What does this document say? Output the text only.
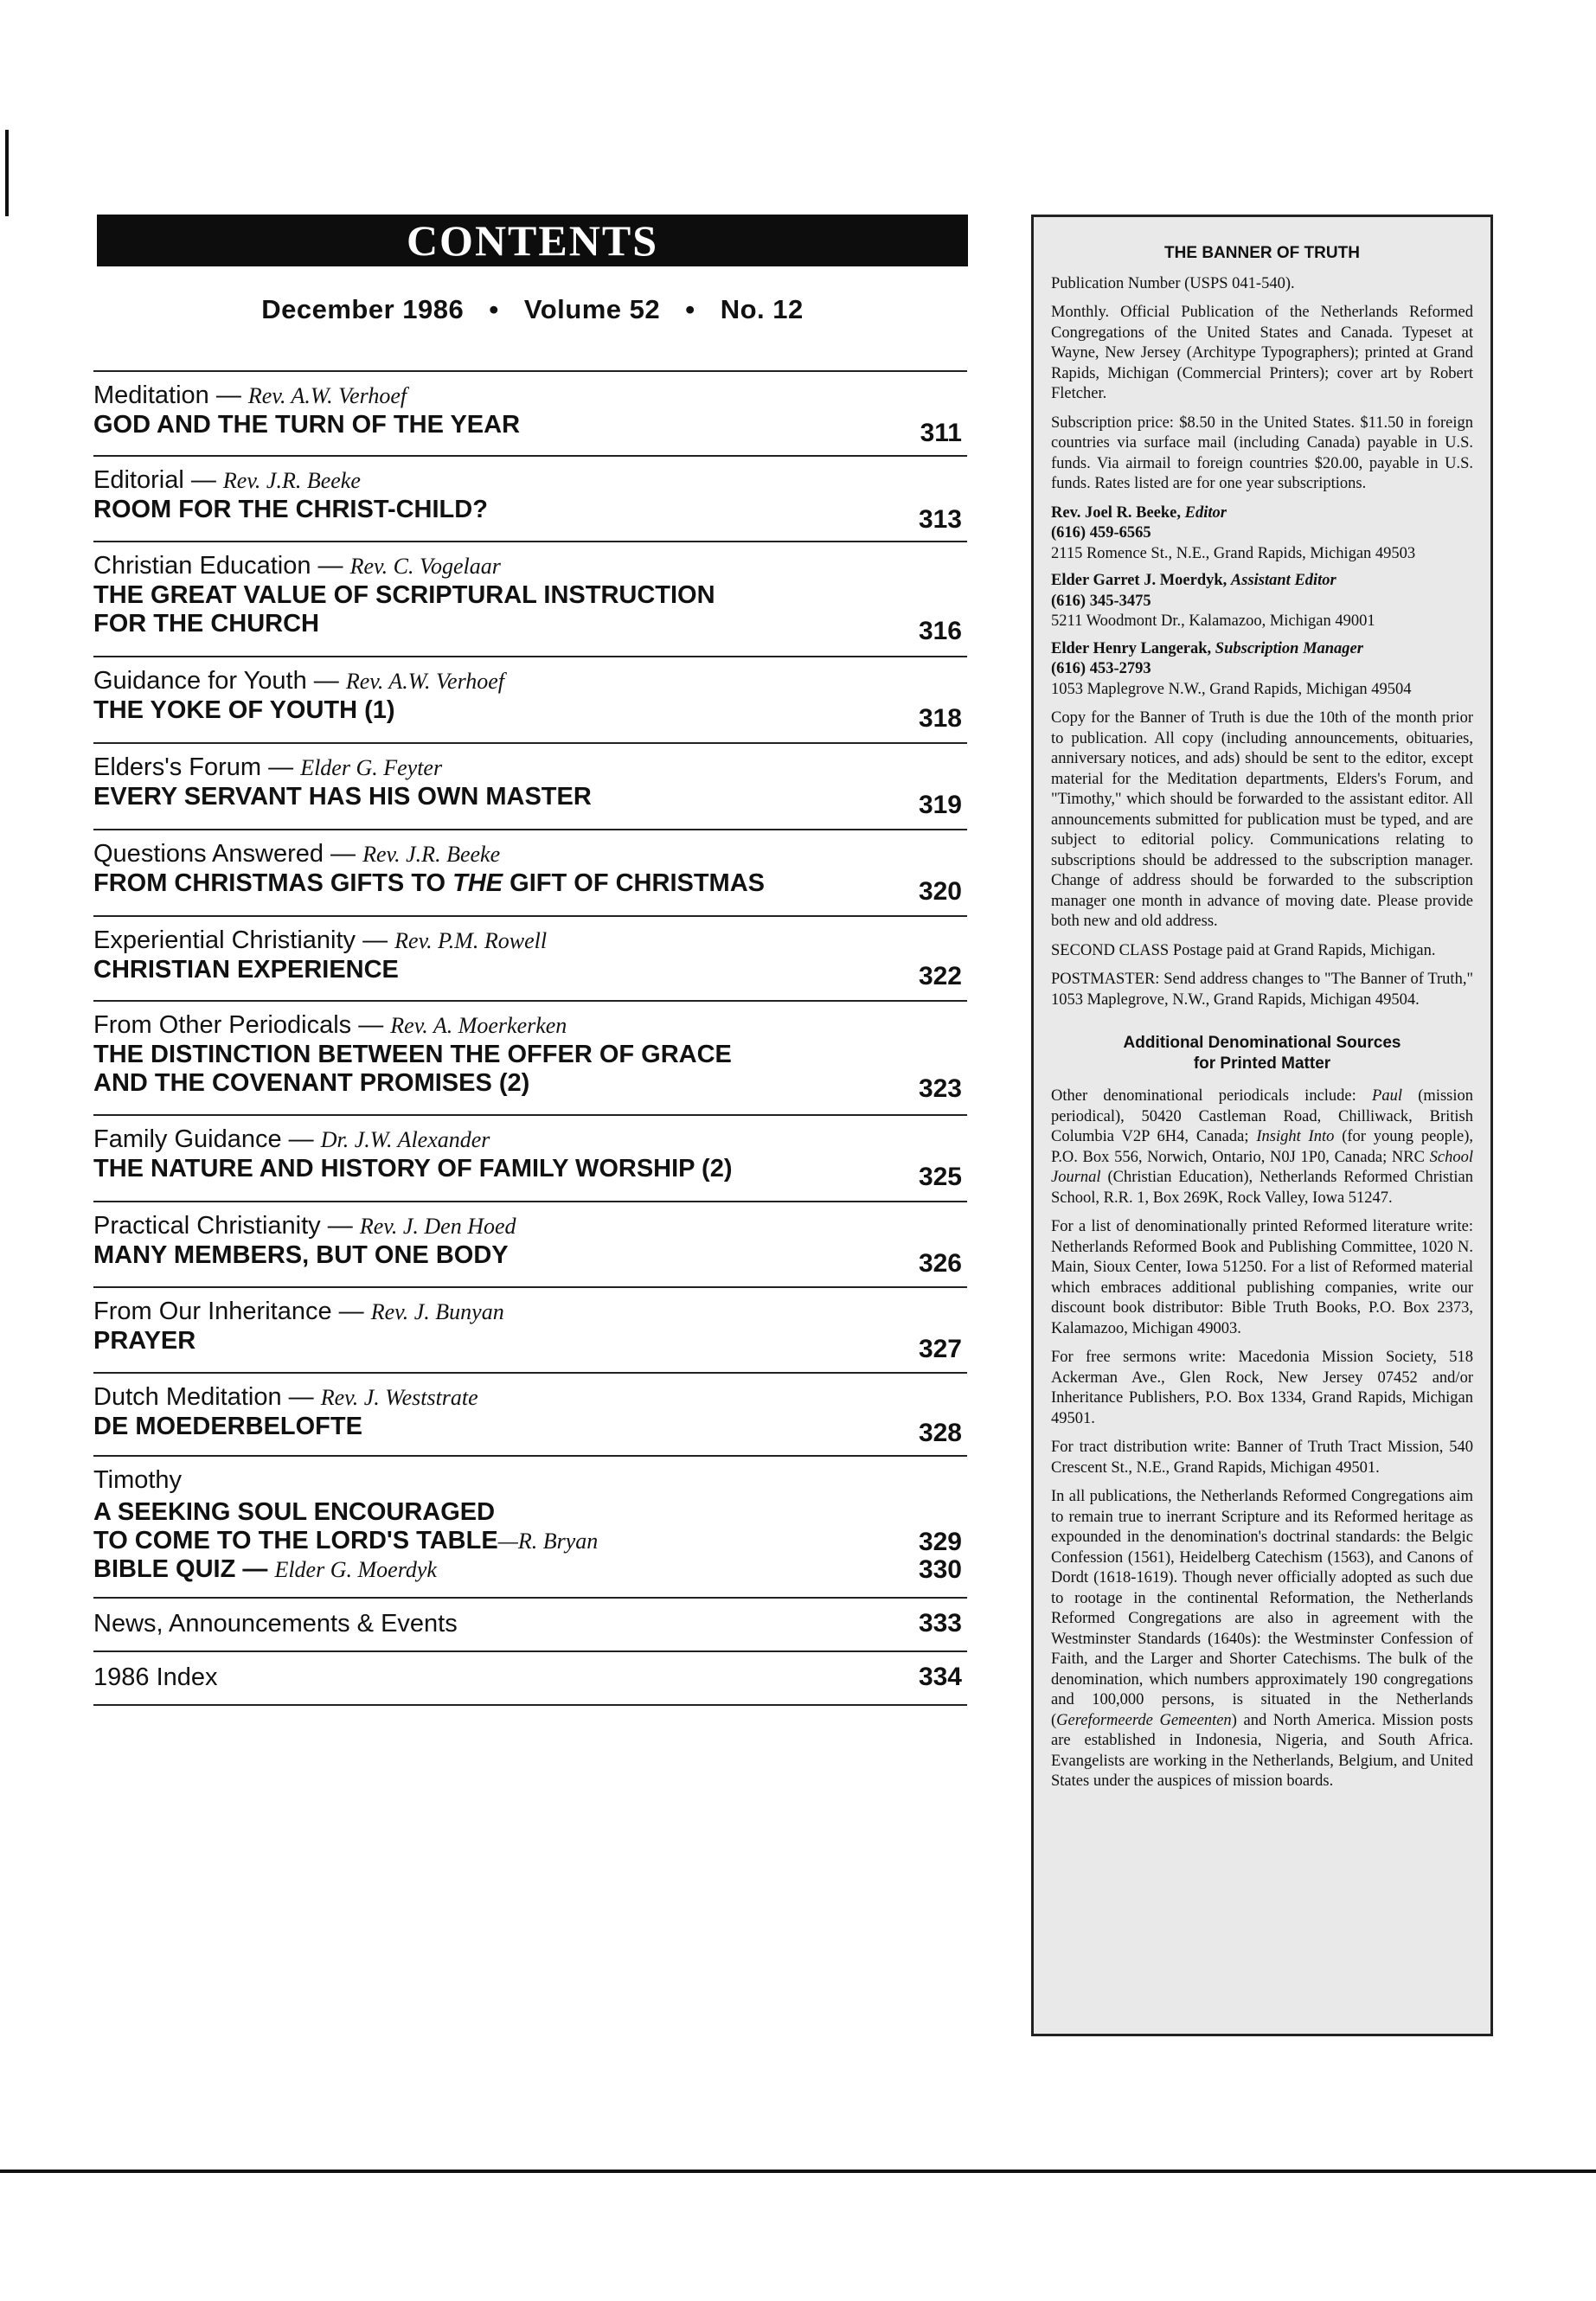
CONTENTS
December 1986 • Volume 52 • No. 12
Meditation — Rev. A.W. Verhoef
GOD AND THE TURN OF THE YEAR	311
Editorial — Rev. J.R. Beeke
ROOM FOR THE CHRIST-CHILD?	313
Christian Education — Rev. C. Vogelaar
THE GREAT VALUE OF SCRIPTURAL INSTRUCTION
FOR THE CHURCH	316
Guidance for Youth — Rev. A.W. Verhoef
THE YOKE OF YOUTH (1)	318
Elders's Forum — Elder G. Feyter
EVERY SERVANT HAS HIS OWN MASTER	319
Questions Answered — Rev. J.R. Beeke
FROM CHRISTMAS GIFTS TO THE GIFT OF CHRISTMAS	320
Experiential Christianity — Rev. P.M. Rowell
CHRISTIAN EXPERIENCE	322
From Other Periodicals — Rev. A. Moerkerken
THE DISTINCTION BETWEEN THE OFFER OF GRACE
AND THE COVENANT PROMISES (2)	323
Family Guidance — Dr. J.W. Alexander
THE NATURE AND HISTORY OF FAMILY WORSHIP (2)	325
Practical Christianity — Rev. J. Den Hoed
MANY MEMBERS, BUT ONE BODY	326
From Our Inheritance — Rev. J. Bunyan
PRAYER	327
Dutch Meditation — Rev. J. Weststrate
DE MOEDERBELOFTE	328
Timothy
A SEEKING SOUL ENCOURAGED
TO COME TO THE LORD'S TABLE—R. Bryan	329
BIBLE QUIZ — Elder G. Moerdyk	330
News, Announcements & Events	333
1986 Index	334
THE BANNER OF TRUTH

Publication Number (USPS 041-540).

Monthly. Official Publication of the Netherlands Reformed Congregations of the United States and Canada. Typeset at Wayne, New Jersey (Architype Typographers); printed at Grand Rapids, Michigan (Commercial Printers); cover art by Robert Fletcher.

Subscription price: $8.50 in the United States. $11.50 in foreign countries via surface mail (including Canada) payable in U.S. funds. Via airmail to foreign countries $20.00, payable in U.S. funds. Rates listed are for one year subscriptions.

Rev. Joel R. Beeke, Editor
(616) 459-6565
2115 Romence St., N.E., Grand Rapids, Michigan 49503

Elder Garret J. Moerdyk, Assistant Editor
(616) 345-3475
5211 Woodmont Dr., Kalamazoo, Michigan 49001

Elder Henry Langerak, Subscription Manager
(616) 453-2793
1053 Maplegrove N.W., Grand Rapids, Michigan 49504

Copy for the Banner of Truth is due the 10th of the month prior to publication. All copy (including announcements, obituaries, anniversary notices, and ads) should be sent to the editor, except material for the Meditation departments, Elders's Forum, and "Timothy," which should be forwarded to the assistant editor. All announcements submitted for publication must be typed, and are subject to editorial policy. Communications relating to subscriptions should be addressed to the subscription manager. Change of address should be forwarded to the subscription manager one month in advance of moving date. Please provide both new and old address.

SECOND CLASS Postage paid at Grand Rapids, Michigan.

POSTMASTER: Send address changes to "The Banner of Truth," 1053 Maplegrove, N.W., Grand Rapids, Michigan 49504.

Additional Denominational Sources
for Printed Matter

Other denominational periodicals include: Paul (mission periodical), 50420 Castleman Road, Chilliwack, British Columbia V2P 6H4, Canada; Insight Into (for young people), P.O. Box 556, Norwich, Ontario, N0J 1P0, Canada; NRC School Journal (Christian Education), Netherlands Reformed Christian School, R.R. 1, Box 269K, Rock Valley, Iowa 51247.

For a list of denominationally printed Reformed literature write: Netherlands Reformed Book and Publishing Committee, 1020 N. Main, Sioux Center, Iowa 51250. For a list of Reformed material which embraces additional publishing companies, write our discount book distributor: Bible Truth Books, P.O. Box 2373, Kalamazoo, Michigan 49003.

For free sermons write: Macedonia Mission Society, 518 Ackerman Ave., Glen Rock, New Jersey 07452 and/or Inheritance Publishers, P.O. Box 1334, Grand Rapids, Michigan 49501.

For tract distribution write: Banner of Truth Tract Mission, 540 Crescent St., N.E., Grand Rapids, Michigan 49501.

In all publications, the Netherlands Reformed Congregations aim to remain true to inerrant Scripture and its Reformed heritage as expounded in the denomination's doctrinal standards: the Belgic Confession (1561), Heidelberg Catechism (1563), and Canons of Dordt (1618-1619). Though never officially adopted as such due to rootage in the continental Reformation, the Netherlands Reformed Congregations are also in agreement with the Westminster Standards (1640s): the Westminster Confession of Faith, and the Larger and Shorter Catechisms. The bulk of the denomination, which numbers approximately 190 congregations and 100,000 persons, is situated in the Netherlands (Gereformeerde Gemeenten) and North America. Mission posts are established in Indonesia, Nigeria, and South Africa. Evangelists are working in the Netherlands, Belgium, and United States under the auspices of mission boards.
